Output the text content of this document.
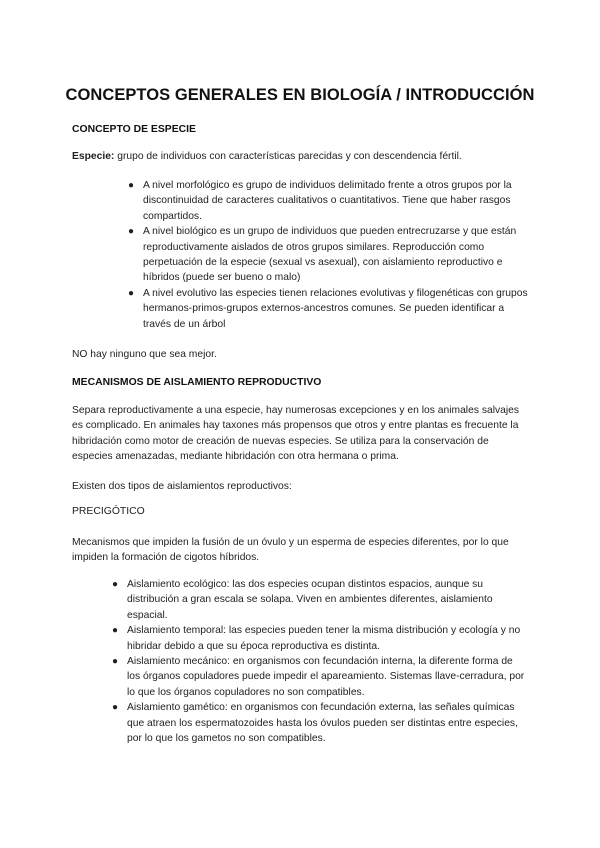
CONCEPTOS GENERALES EN BIOLOGÍA / INTRODUCCIÓN
CONCEPTO DE ESPECIE

Especie: grupo de individuos con características parecidas y con descendencia fértil.

● A nivel morfológico es grupo de individuos delimitado frente a otros grupos por la discontinuidad de caracteres cualitativos o cuantitativos. Tiene que haber rasgos compartidos.
● A nivel biológico es un grupo de individuos que pueden entrecruzarse y que están reproductivamente aislados de otros grupos similares. Reproducción como perpetuación de la especie (sexual vs asexual), con aislamiento reproductivo e híbridos (puede ser bueno o malo)
● A nivel evolutivo las especies tienen relaciones evolutivas y filogenéticas con grupos hermanos-primos-grupos externos-ancestros comunes. Se pueden identificar a través de un árbol

NO hay ninguno que sea mejor.

MECANISMOS DE AISLAMIENTO REPRODUCTIVO

Separa reproductivamente a una especie, hay numerosas excepciones y en los animales salvajes es complicado. En animales hay taxones más propensos que otros y entre plantas es frecuente la hibridación como motor de creación de nuevas especies. Se utiliza para la conservación de especies amenazadas, mediante hibridación con otra hermana o prima.

Existen dos tipos de aislamientos reproductivos:

PRECIGÓTICO

Mecanismos que impiden la fusión de un óvulo y un esperma de especies diferentes, por lo que impiden la formación de cigotos híbridos.

● Aislamiento ecológico: las dos especies ocupan distintos espacios, aunque su distribución a gran escala se solapa. Viven en ambientes diferentes, aislamiento espacial.
● Aislamiento temporal: las especies pueden tener la misma distribución y ecología y no hibridar debido a que su época reproductiva es distinta.
● Aislamiento mecánico: en organismos con fecundación interna, la diferente forma de los órganos copuladores puede impedir el apareamiento. Sistemas llave-cerradura, por lo que los órganos copuladores no son compatibles.
● Aislamiento gamético: en organismos con fecundación externa, las señales químicas que atraen los espermatozoides hasta los óvulos pueden ser distintas entre especies, por lo que los gametos no son compatibles.
